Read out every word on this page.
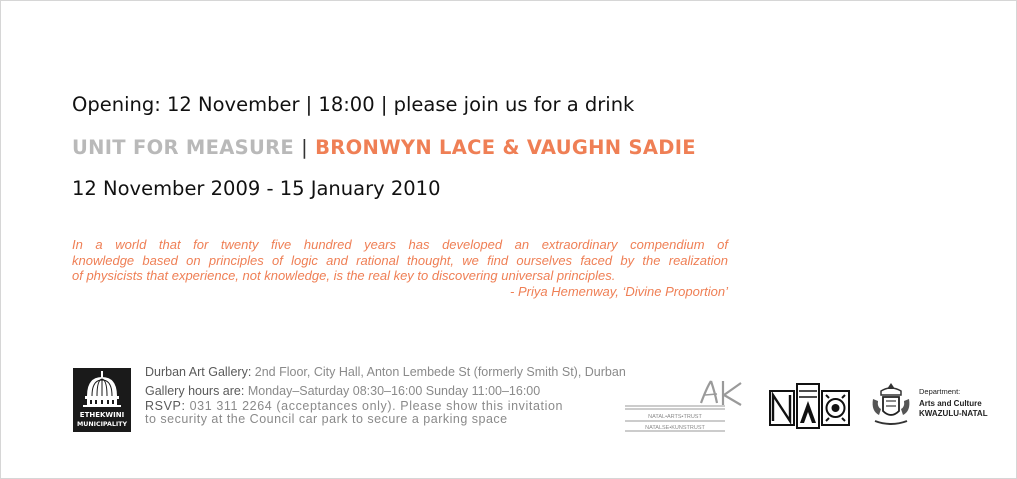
Opening: 12 November | 18:00 | please join us for a drink
UNIT FOR MEASURE | BRONWYN LACE & VAUGHN SADIE
12 November 2009 - 15 January 2010
In a world that for twenty five hundred years has developed an extraordinary compendium of
knowledge based on principles of logic and rational thought, we find ourselves faced by the realization
of physicists that experience, not knowledge, is the real key to discovering universal principles.
- Priya Hemenway, ‘Divine Proportion’
ETHEKWINI
MUNICIPALITY
Durban Art Gallery: 2nd Floor, City Hall, Anton Lembede St (formerly Smith St), Durban
Gallery hours are: Monday–Saturday 08:30–16:00 Sunday 11:00–16:00
RSVP: 031 311 2264 (acceptances only). Please show this invitation
to security at the Council car park to secure a parking space	NATAL•ARTS•TRUST
NATALSE•KUNSTRUST
Department:
Arts and Culture
KWAZULU-NATAL
